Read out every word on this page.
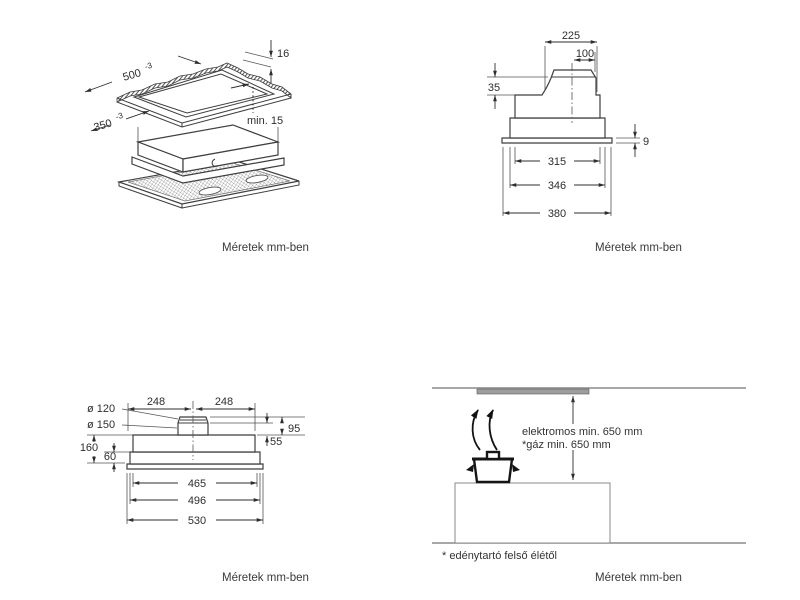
500
-3
350
-3
16
min. 15
Méretek mm-ben
225
100
35
9
315
346
380
Méretek mm-ben
248	248
ø 120
ø 150	95
55
160
60
465
496
530
Méretek mm-ben
elektromos min. 650 mm
*gáz min. 650 mm
* edénytartó felső élétől
Méretek mm-ben
